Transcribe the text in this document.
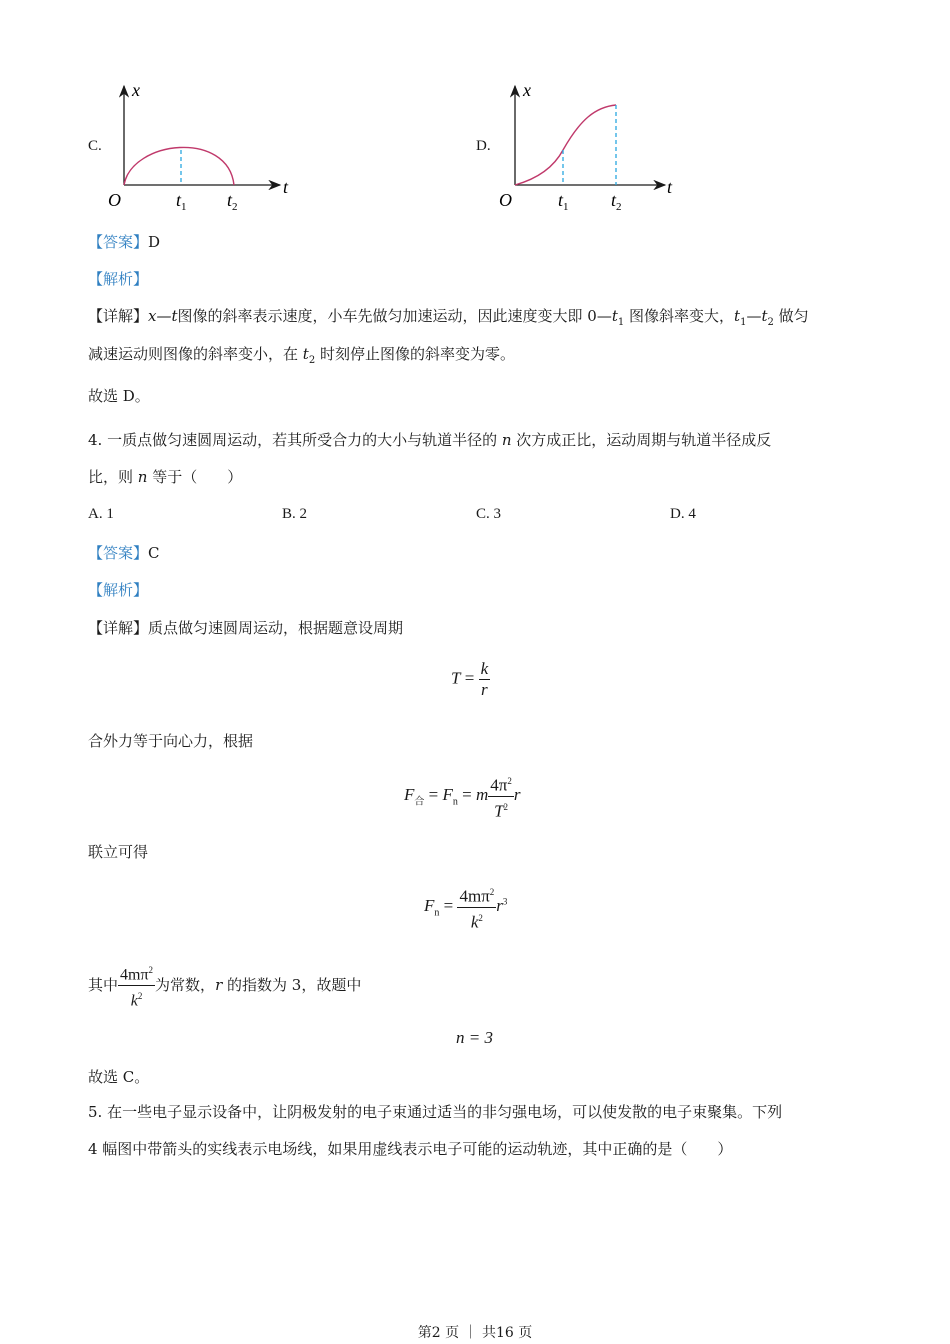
C.
x
t
O	$t_1$ $t_2$
D.
x
t
O	$t_1$ $t_2$
【答案】D
【解析】
【详解】x—t图像的斜率表示速度，小车先做匀加速运动，因此速度变大即 $0—t_1$ 图像斜率变大，$t_1—t_2$ 做匀
减速运动则图像的斜率变小，在 $t_2$ 时刻停止图像的斜率变为零。
故选 D。
4. 一质点做匀速圆周运动，若其所受合力的大小与轨道半径的 n 次方成正比，运动周期与轨道半径成反
比，则 n 等于（　　）
A. 1	B. 2	C. 3	D. 4
【答案】C
【解析】
【详解】质点做匀速圆周运动，根据题意设周期
$T = \frac{k}{r}$
合外力等于向心力，根据
$F_合 = F_n = m \frac{4\pi^2}{T^2}$ r
联立可得
$F_n = \frac{4m\pi^2}{k^2} r^3$
其中 $\frac{4m\pi^2}{k^2}$ 为常数，r 的指数为 3，故题中
n = 3
故选 C。
5. 在一些电子显示设备中，让阴极发射的电子束通过适当的非匀强电场，可以使发散的电子束聚集。下列
4 幅图中带箭头的实线表示电场线，如果用虚线表示电子可能的运动轨迹，其中正确的是（　　）
第2 页 ｜ 共16 页
